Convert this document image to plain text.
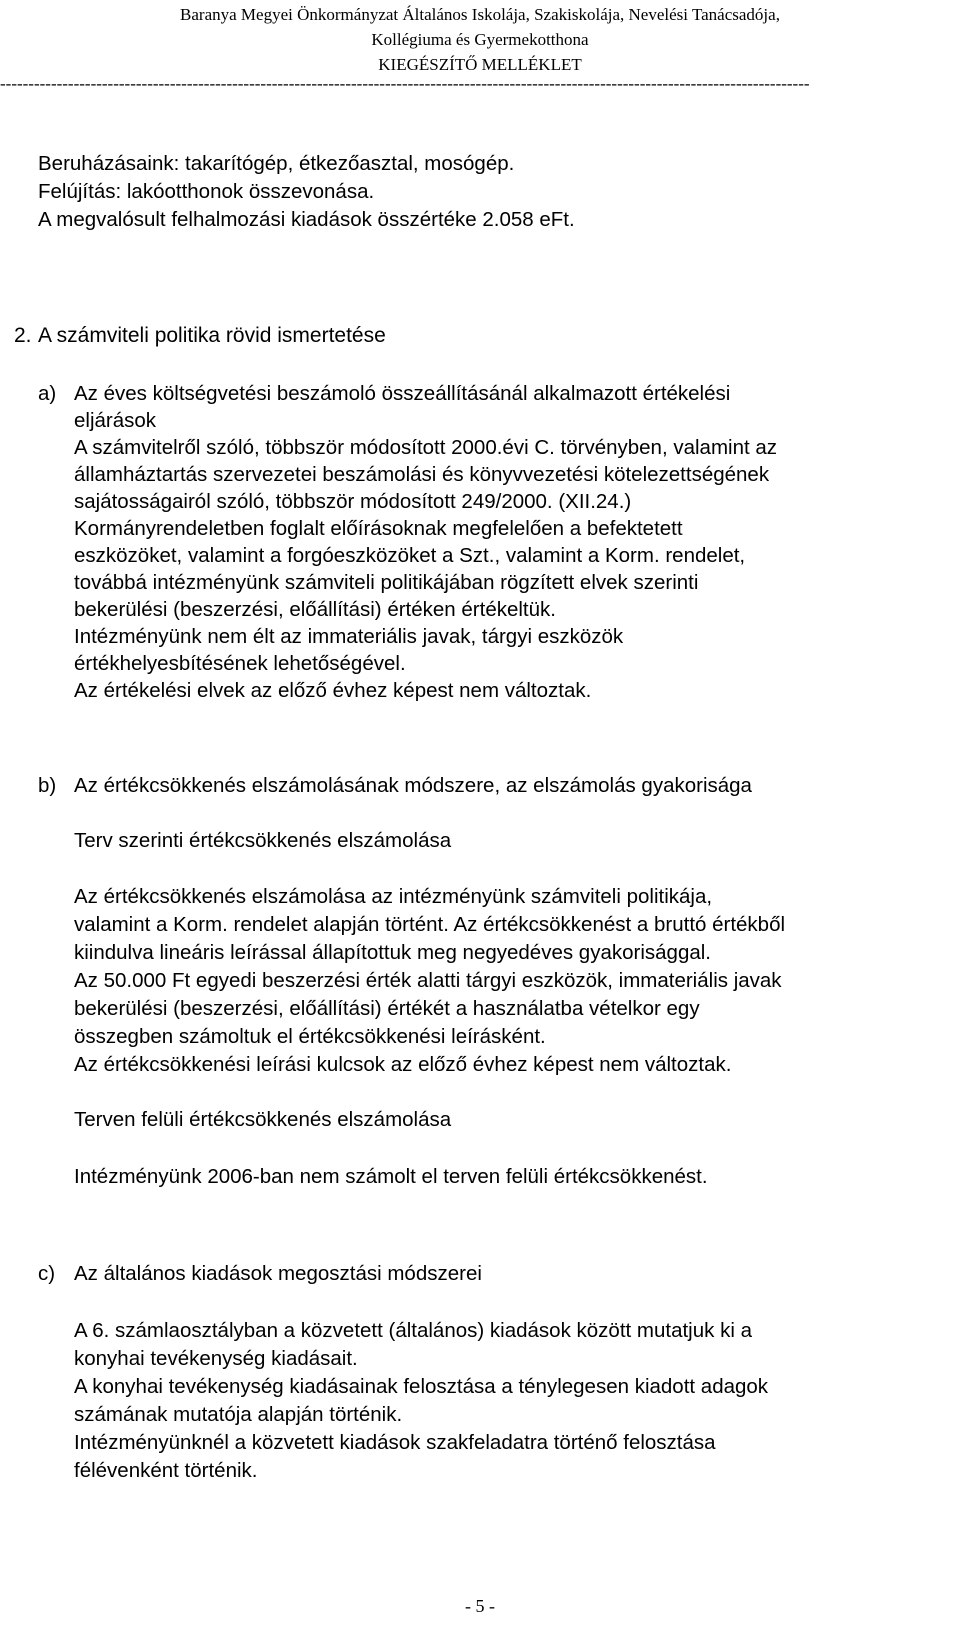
Baranya Megyei Önkormányzat Általános Iskolája, Szakiskolája, Nevelési Tanácsadója,
Kollégiuma és Gyermekotthona
KIEGÉSZÍTŐ MELLÉKLET
-----------------------------------------------------------------------------------------------------------------------------------------------
Beruházásaink: takarítógép, étkezőasztal, mosógép.
Felújítás: lakóotthonok összevonása.
A megvalósult felhalmozási kiadások összértéke 2.058 eFt.
2. A számviteli politika rövid ismertetése
a) Az éves költségvetési beszámoló összeállításánál alkalmazott értékelési
eljárások
A számvitelről szóló, többször módosított 2000.évi C. törvényben, valamint az
államháztartás szervezetei beszámolási és könyvvezetési kötelezettségének
sajátosságairól szóló, többször módosított 249/2000. (XII.24.)
Kormányrendeletben foglalt előírásoknak megfelelően a befektetett
eszközöket, valamint a forgóeszközöket a Szt., valamint a Korm. rendelet,
továbbá intézményünk számviteli politikájában rögzített elvek szerinti
bekerülési (beszerzési, előállítási) értéken értékeltük.
Intézményünk nem élt az immateriális javak, tárgyi eszközök
értékhelyesbítésének lehetőségével.
Az értékelési elvek az előző évhez képest nem változtak.
b) Az értékcsökkenés elszámolásának módszere, az elszámolás gyakorisága
Terv szerinti értékcsökkenés elszámolása
Az értékcsökkenés elszámolása az intézményünk számviteli politikája,
valamint a Korm. rendelet alapján történt. Az értékcsökkenést a bruttó értékből
kiindulva lineáris leírással állapítottuk meg negyedéves gyakorisággal.
Az 50.000 Ft egyedi beszerzési érték alatti tárgyi eszközök, immateriális javak
bekerülési (beszerzési, előállítási) értékét a használatba vételkor egy
összegben számoltuk el értékcsökkenési leírásként.
Az értékcsökkenési leírási kulcsok az előző évhez képest nem változtak.
Terven felüli értékcsökkenés elszámolása
Intézményünk 2006-ban nem számolt el terven felüli értékcsökkenést.
c) Az általános kiadások megosztási módszerei
A 6. számlaosztályban a közvetett (általános) kiadások között mutatjuk ki a
konyhai tevékenység kiadásait.
A konyhai tevékenység kiadásainak felosztása a ténylegesen kiadott adagok
számának mutatója alapján történik.
Intézményünknél a közvetett kiadások szakfeladatra történő felosztása
félévenként történik.
- 5 -
